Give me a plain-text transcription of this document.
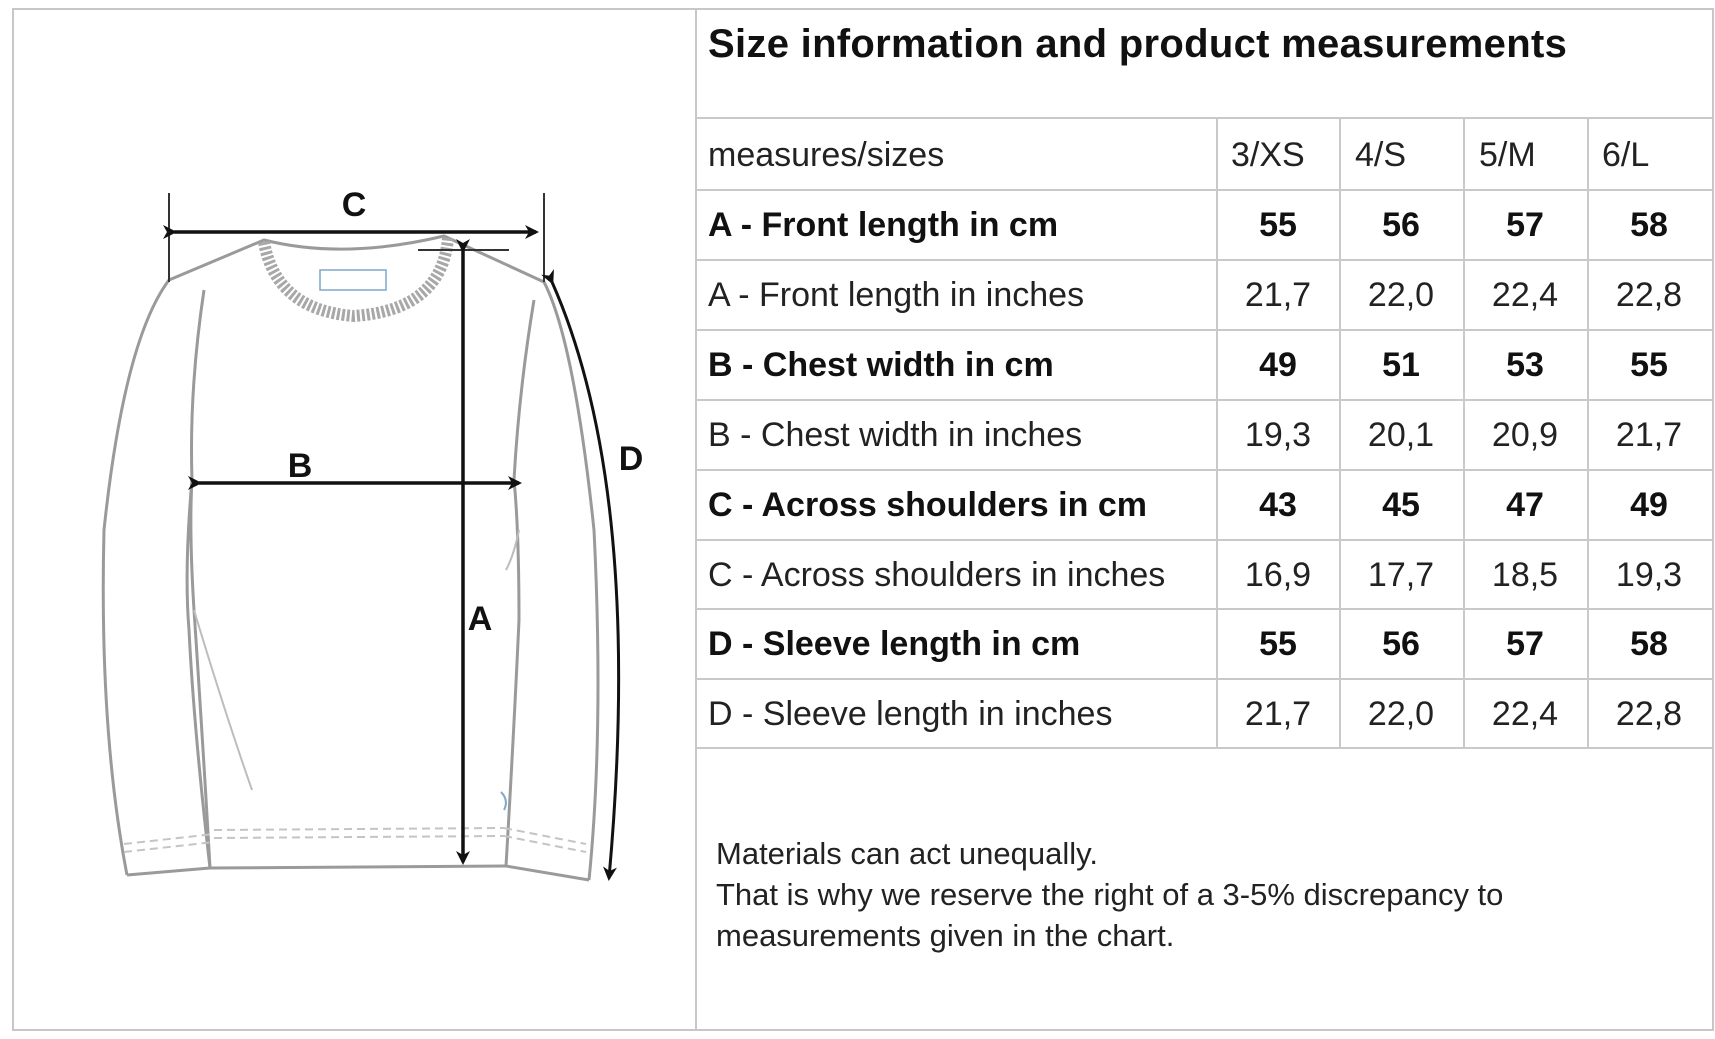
C
B
A
D
Size information and product measurements
measures/sizes	3/XS 4/S 5/M 6/L
A - Front length in cm	55	56	57	58
A - Front length in inches	21,7	22,0	22,4	22,8
B - Chest width in cm	49	51	53	55
B - Chest width in inches	19,3	20,1	20,9	21,7
C - Across shoulders in cm	43	45	47	49
C - Across shoulders in inches	16,9	17,7	18,5	19,3
D - Sleeve length in cm	55	56	57	58
D - Sleeve length in inches	21,7	22,0	22,4	22,8
Materials can act unequally.
That is why we reserve the right of a 3-5% discrepancy to
measurements given in the chart.
